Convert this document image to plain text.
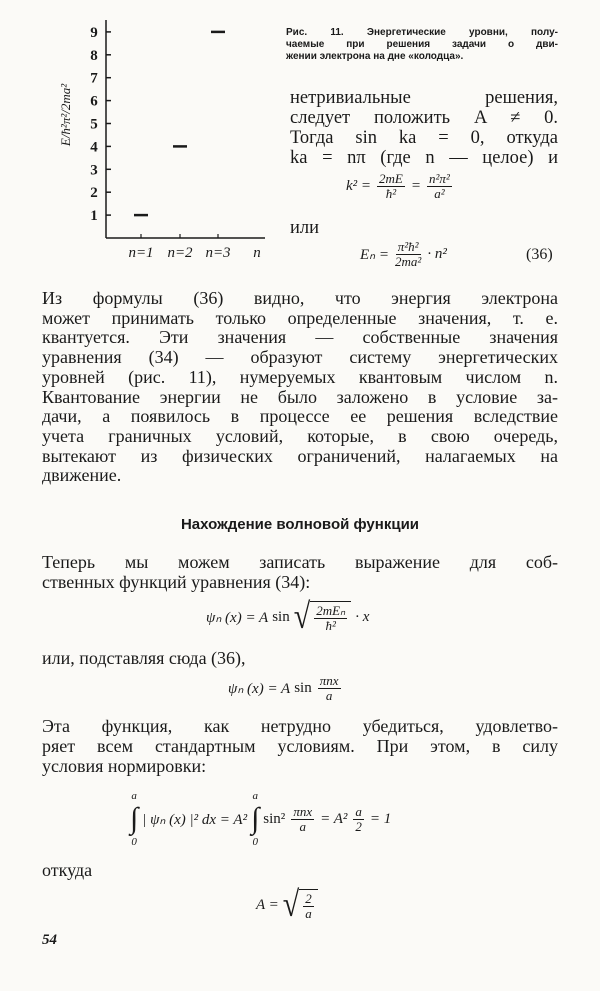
1
2
3
4
5
6
7
8
9
n=1 n=2 n=3 n
E/ħ²π²/2ma²
Рис. 11. Энергетические уровни, полу-
чаемые при решения задачи о дви-
жении электрона на дне «колодца».
нетривиальные решения,
следует положить A ≠ 0.
Тогда sin ka = 0, откуда
ka = nπ (где n — целое) и
$k^2 = \frac{2mE}{\text{ħ²}} = \frac{\text{n²π²}}{\text{a²}}$
или
$E_n = \frac{\text{π²ħ²}}{\text{2ma²}} \cdot n^2$	(36)
Из формулы (36) видно, что энергия электрона
может принимать только определенные значения, т. е.
квантуется. Эти значения — собственные значения
уравнения (34) — образуют систему энергетических
уровней (рис. 11), нумеруемых квантовым числом n.
Квантование энергии не было заложено в условие за-
дачи, а появилось в процессе ее решения вследствие
учета граничных условий, которые, в свою очередь,
вытекают из физических ограничений, налагаемых на
движение.
Нахождение волновой функции
Теперь мы можем записать выражение для соб-
ственных функций уравнения (34):
ψₙ (x) = A sin √ $\frac{\text{2mEₙ}}{\text{ħ²}} \cdot x$
или, подставляя сюда (36),
ψₙ (x) = A $\sin \frac{\text{πnx}}{a}$
Эта функция, как нетрудно убедиться, удовлетво-
ряет всем стандартным условиям. При этом, в силу
условия нормировки:
a
∫
0
| ψₙ (x) |² dx = A²
a
∫
0
$\sin^2 \frac{\text{πnx}}{a} = A^2 \frac{a}{2} = 1$
откуда
A = √ $\frac{2}{a}$
54
